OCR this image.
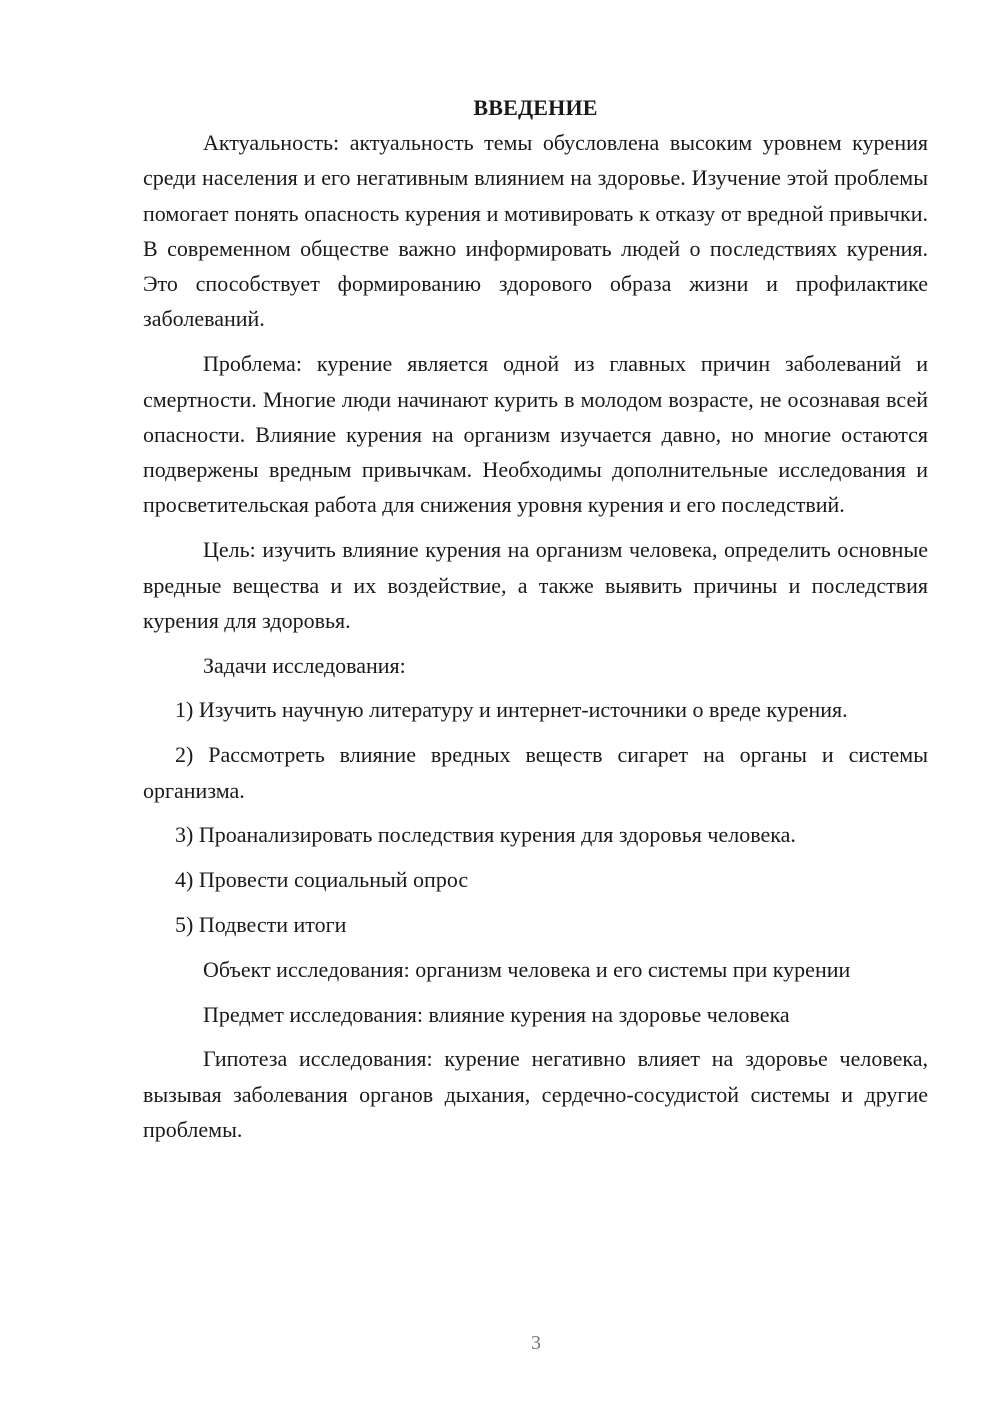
ВВЕДЕНИЕ

Актуальность: актуальность темы обусловлена высоким уровнем курения среди населения и его негативным влиянием на здоровье. Изучение этой проблемы помогает понять опасность курения и мотивировать к отказу от вредной привычки. В современном обществе важно информировать людей о последствиях курения. Это способствует формированию здорового образа жизни и профилактике заболеваний.

Проблема: курение является одной из главных причин заболеваний и смертности. Многие люди начинают курить в молодом возрасте, не осознавая всей опасности. Влияние курения на организм изучается давно, но многие остаются подвержены вредным привычкам. Необходимы дополнительные исследования и просветительская работа для снижения уровня курения и его последствий.

Цель: изучить влияние курения на организм человека, определить основные вредные вещества и их воздействие, а также выявить причины и последствия курения для здоровья.

Задачи исследования:

1) Изучить научную литературу и интернет-источники о вреде курения.

2) Рассмотреть влияние вредных веществ сигарет на органы и системы организма.

3) Проанализировать последствия курения для здоровья человека.

4) Провести социальный опрос

5) Подвести итоги

Объект исследования: организм человека и его системы при курении

Предмет исследования: влияние курения на здоровье человека

Гипотеза исследования: курение негативно влияет на здоровье человека, вызывая заболевания органов дыхания, сердечно-сосудистой системы и другие проблемы.

3
